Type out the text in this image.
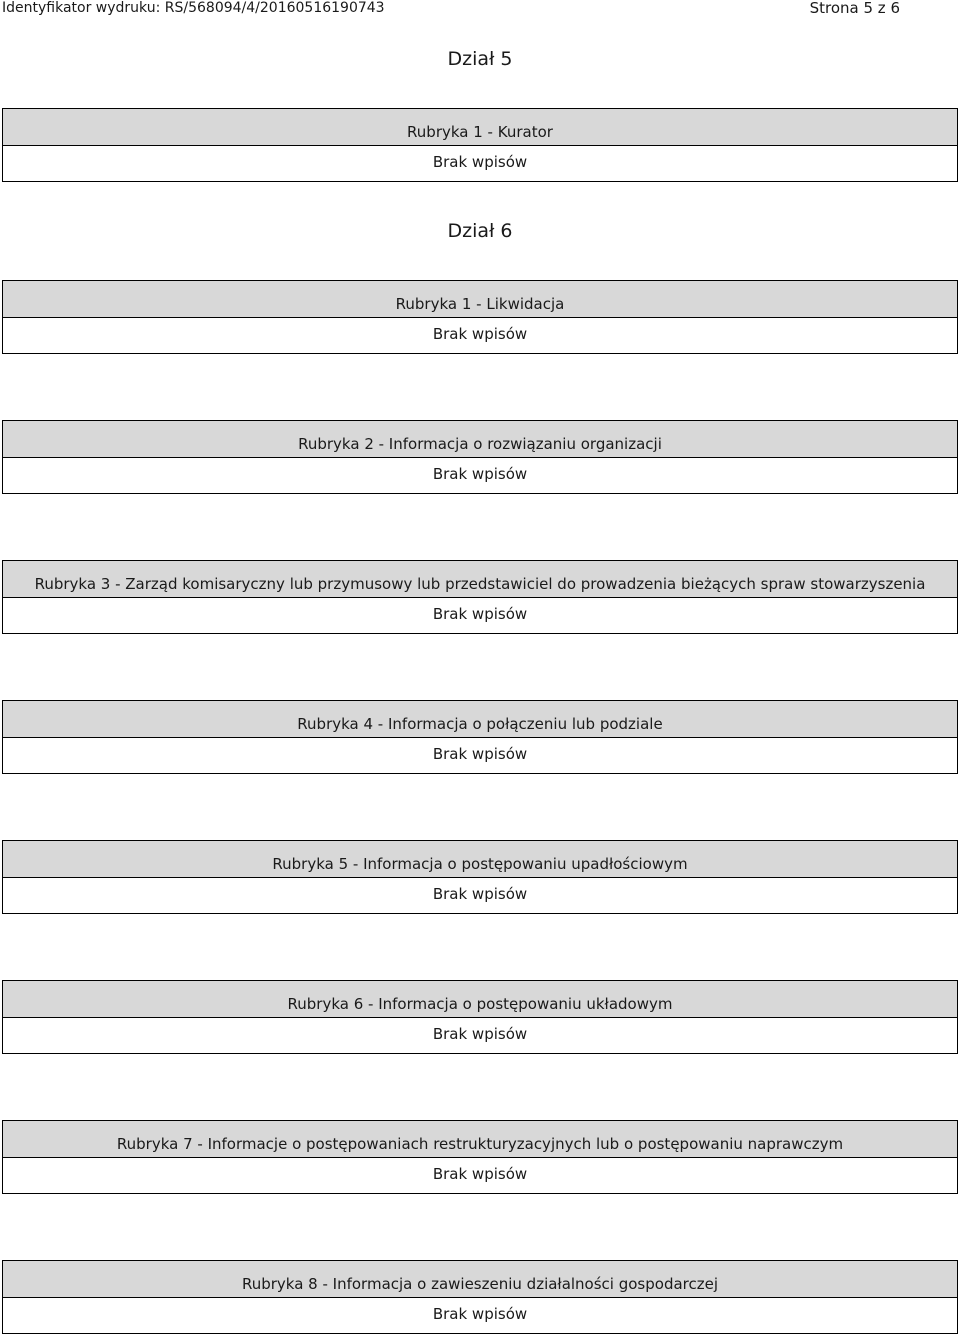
Identyfikator wydruku: RS/568094/4/20160516190743	Strona 5 z 6
Dział 5
Rubryka 1 - Kurator
Brak wpisów
Dział 6
Rubryka 1 - Likwidacja
Brak wpisów
Rubryka 2 - Informacja o rozwiązaniu organizacji
Brak wpisów
Rubryka 3 - Zarząd komisaryczny lub przymusowy lub przedstawiciel do prowadzenia bieżących spraw stowarzyszenia
Brak wpisów
Rubryka 4 - Informacja o połączeniu lub podziale
Brak wpisów
Rubryka 5 - Informacja o postępowaniu upadłościowym
Brak wpisów
Rubryka 6 - Informacja o postępowaniu układowym
Brak wpisów
Rubryka 7 - Informacje o postępowaniach restrukturyzacyjnych lub o postępowaniu naprawczym
Brak wpisów
Rubryka 8 - Informacja o zawieszeniu działalności gospodarczej
Brak wpisów
